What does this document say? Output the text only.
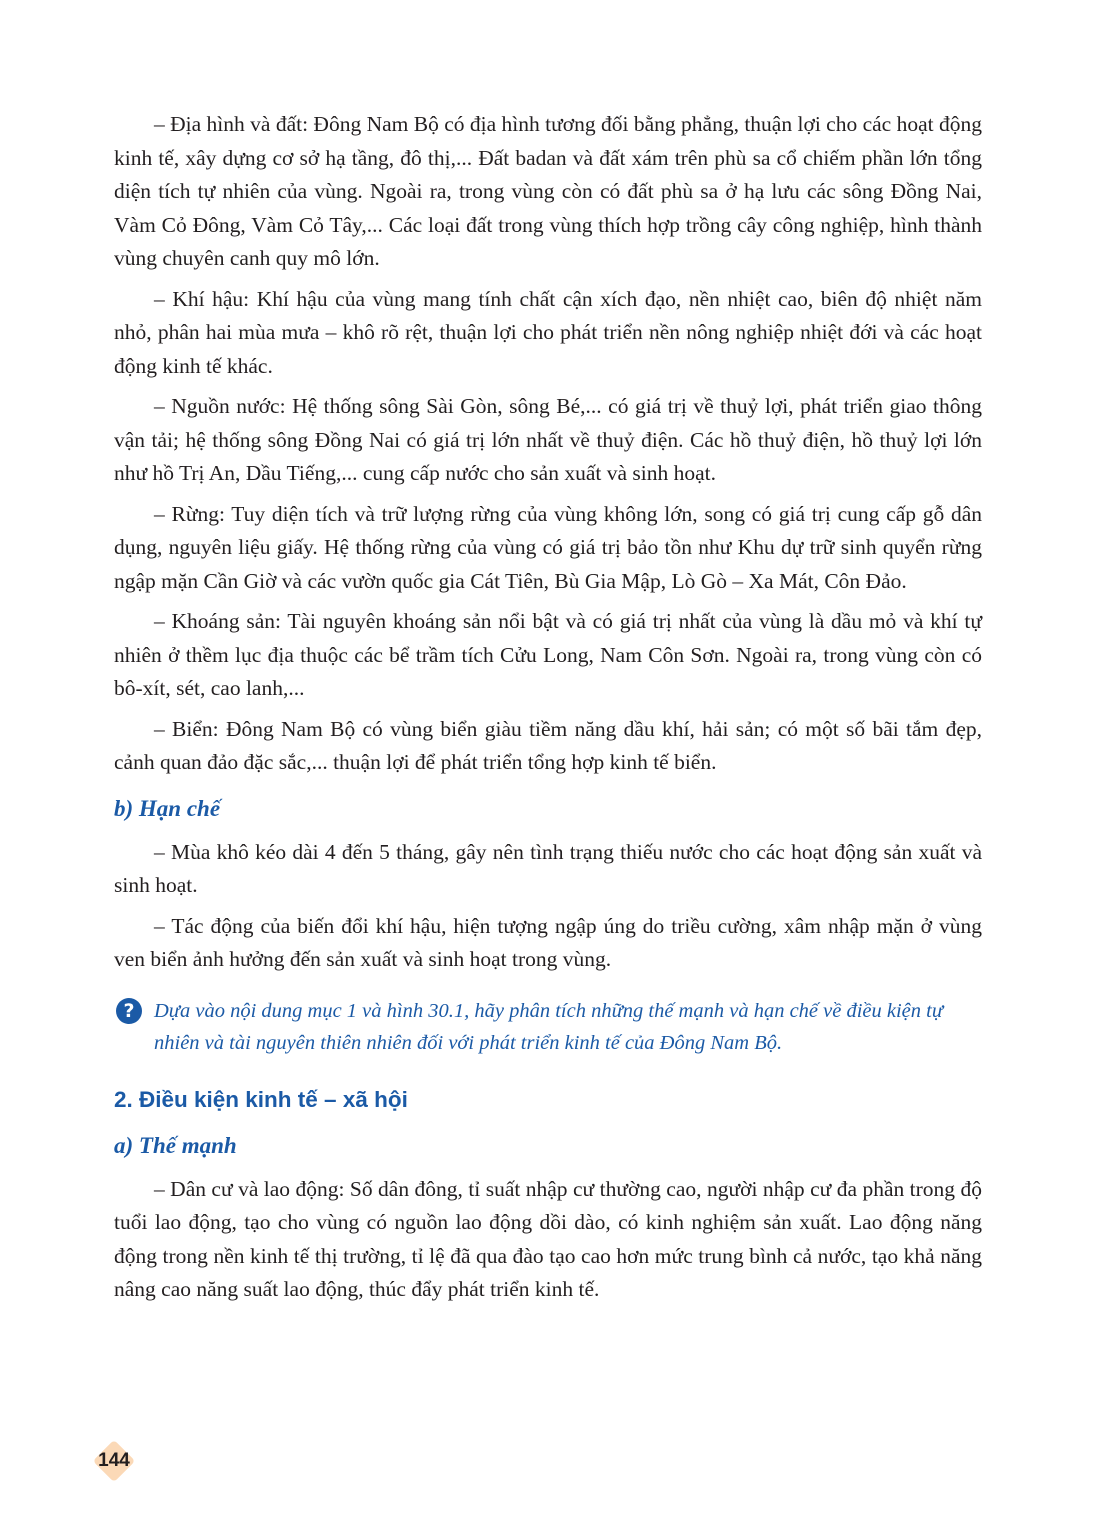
– Địa hình và đất: Đông Nam Bộ có địa hình tương đối bằng phẳng, thuận lợi cho các hoạt động kinh tế, xây dựng cơ sở hạ tầng, đô thị,... Đất badan và đất xám trên phù sa cổ chiếm phần lớn tổng diện tích tự nhiên của vùng. Ngoài ra, trong vùng còn có đất phù sa ở hạ lưu các sông Đồng Nai, Vàm Cỏ Đông, Vàm Cỏ Tây,... Các loại đất trong vùng thích hợp trồng cây công nghiệp, hình thành vùng chuyên canh quy mô lớn.

– Khí hậu: Khí hậu của vùng mang tính chất cận xích đạo, nền nhiệt cao, biên độ nhiệt năm nhỏ, phân hai mùa mưa – khô rõ rệt, thuận lợi cho phát triển nền nông nghiệp nhiệt đới và các hoạt động kinh tế khác.

– Nguồn nước: Hệ thống sông Sài Gòn, sông Bé,... có giá trị về thuỷ lợi, phát triển giao thông vận tải; hệ thống sông Đồng Nai có giá trị lớn nhất về thuỷ điện. Các hồ thuỷ điện, hồ thuỷ lợi lớn như hồ Trị An, Dầu Tiếng,... cung cấp nước cho sản xuất và sinh hoạt.

– Rừng: Tuy diện tích và trữ lượng rừng của vùng không lớn, song có giá trị cung cấp gỗ dân dụng, nguyên liệu giấy. Hệ thống rừng của vùng có giá trị bảo tồn như Khu dự trữ sinh quyển rừng ngập mặn Cần Giờ và các vườn quốc gia Cát Tiên, Bù Gia Mập, Lò Gò – Xa Mát, Côn Đảo.

– Khoáng sản: Tài nguyên khoáng sản nổi bật và có giá trị nhất của vùng là dầu mỏ và khí tự nhiên ở thềm lục địa thuộc các bể trầm tích Cửu Long, Nam Côn Sơn. Ngoài ra, trong vùng còn có bô-xít, sét, cao lanh,...

– Biển: Đông Nam Bộ có vùng biển giàu tiềm năng dầu khí, hải sản; có một số bãi tắm đẹp, cảnh quan đảo đặc sắc,... thuận lợi để phát triển tổng hợp kinh tế biển.

b) Hạn chế

– Mùa khô kéo dài 4 đến 5 tháng, gây nên tình trạng thiếu nước cho các hoạt động sản xuất và sinh hoạt.

– Tác động của biến đổi khí hậu, hiện tượng ngập úng do triều cường, xâm nhập mặn ở vùng ven biển ảnh hưởng đến sản xuất và sinh hoạt trong vùng.

? Dựa vào nội dung mục 1 và hình 30.1, hãy phân tích những thế mạnh và hạn chế về điều kiện tự nhiên và tài nguyên thiên nhiên đối với phát triển kinh tế của Đông Nam Bộ.

2. Điều kiện kinh tế – xã hội
a) Thế mạnh

– Dân cư và lao động: Số dân đông, tỉ suất nhập cư thường cao, người nhập cư đa phần trong độ tuổi lao động, tạo cho vùng có nguồn lao động dồi dào, có kinh nghiệm sản xuất. Lao động năng động trong nền kinh tế thị trường, tỉ lệ đã qua đào tạo cao hơn mức trung bình cả nước, tạo khả năng nâng cao năng suất lao động, thúc đẩy phát triển kinh tế.

144
